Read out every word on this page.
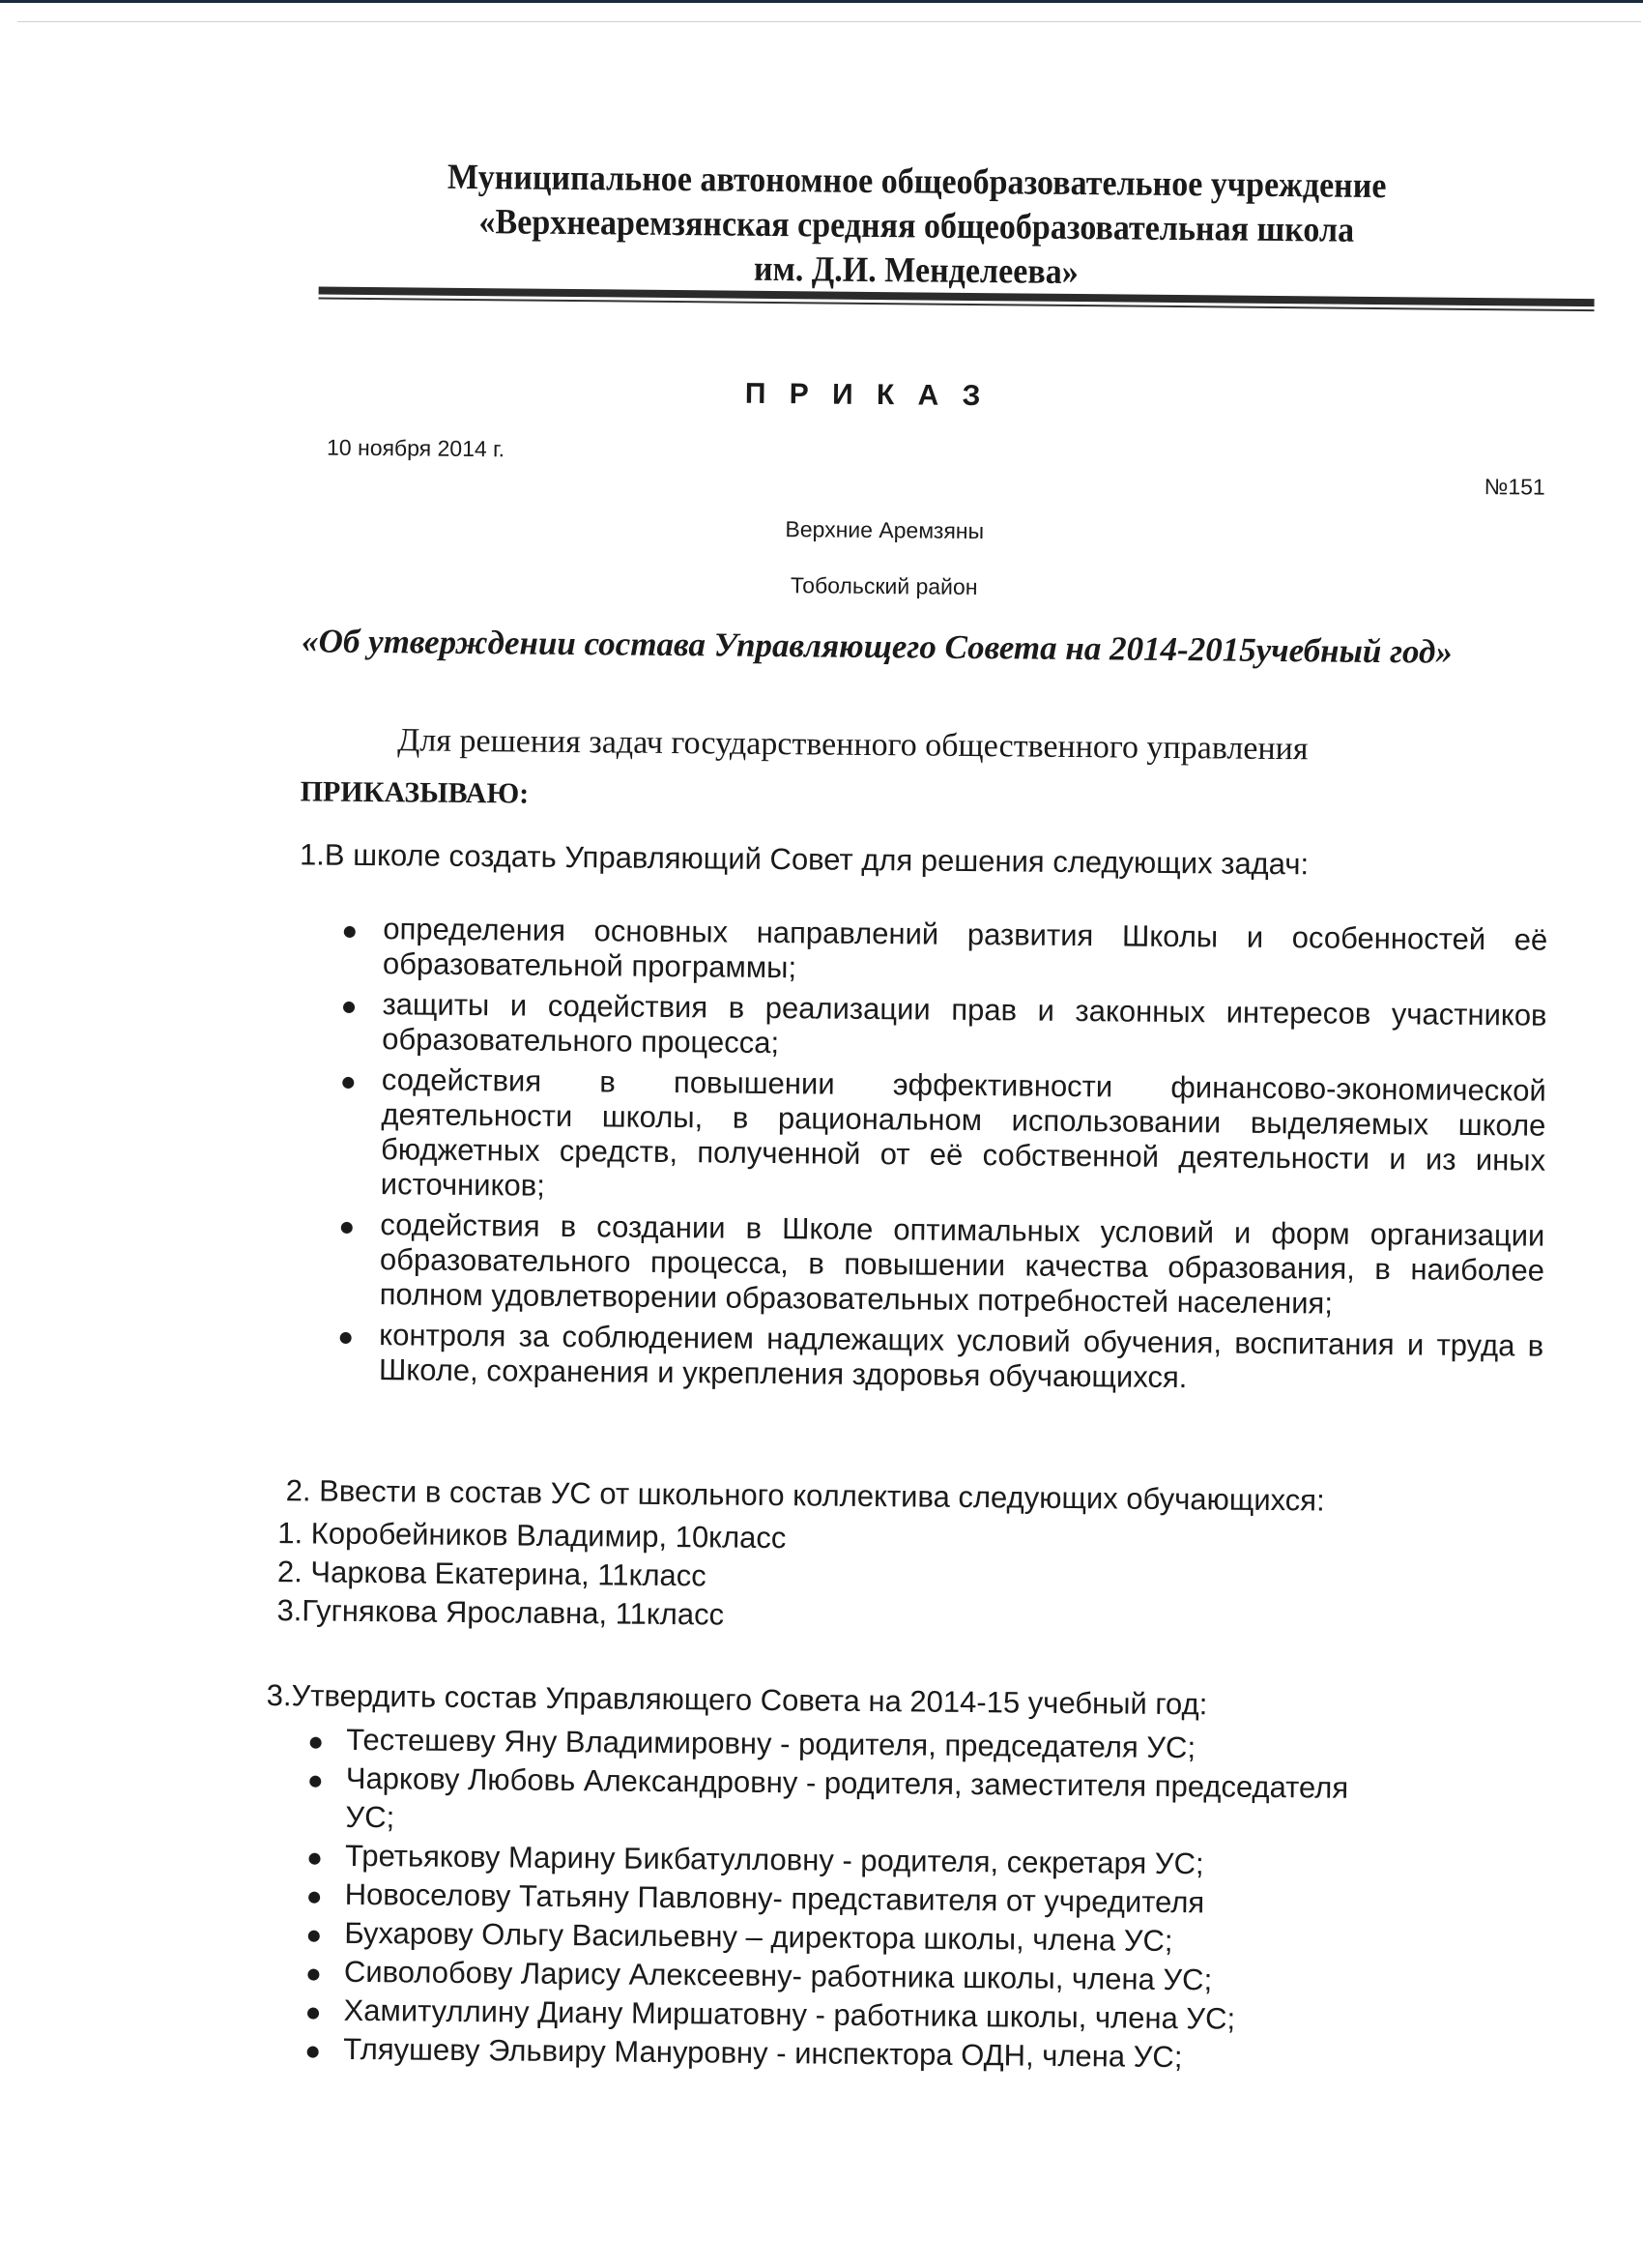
Муниципальное автономное общеобразовательное учреждение
«Верхнеаремзянская средняя общеобразовательная школа
им. Д.И. Менделеева»
П Р И К А З
10 ноября 2014 г.
№151
Верхние Аремзяны
Тобольский район
«Об утверждении состава Управляющего Совета на 2014-2015учебный год»
Для решения задач государственного общественного управления
ПРИКАЗЫВАЮ:
1.В школе создать Управляющий Совет для решения следующих задач:
● определения основных направлений развития Школы и особенностей её образовательной программы;
● защиты и содействия в реализации прав и законных интересов участников образовательного процесса;
● содействия в повышении эффективности финансово-экономической деятельности школы, в рациональном использовании выделяемых школе бюджетных средств, полученной от её собственной деятельности и из иных источников;
● содействия в создании в Школе оптимальных условий и форм организации образовательного процесса, в повышении качества образования, в наиболее полном удовлетворении образовательных потребностей населения;
● контроля за соблюдением надлежащих условий обучения, воспитания и труда в Школе, сохранения и укрепления здоровья обучающихся.
2. Ввести в состав УС от школьного коллектива следующих обучающихся:
1. Коробейников Владимир, 10класс
2. Чаркова Екатерина, 11класс
3.Гугнякова Ярославна, 11класс
3.Утвердить состав Управляющего Совета на 2014-15 учебный год:
● Тестешеву Яну Владимировну - родителя, председателя УС;
● Чаркову Любовь Александровну - родителя, заместителя председателя УС;
● Третьякову Марину Бикбатулловну - родителя, секретаря УС;
● Новоселову Татьяну Павловну- представителя от учредителя
● Бухарову Ольгу Васильевну – директора школы, члена УС;
● Сиволобову Ларису Алексеевну- работника школы, члена УС;
● Хамитуллину Диану Миршатовну - работника школы, члена УС;
● Тляушеву Эльвиру Мануровну - инспектора ОДН, члена УС;
